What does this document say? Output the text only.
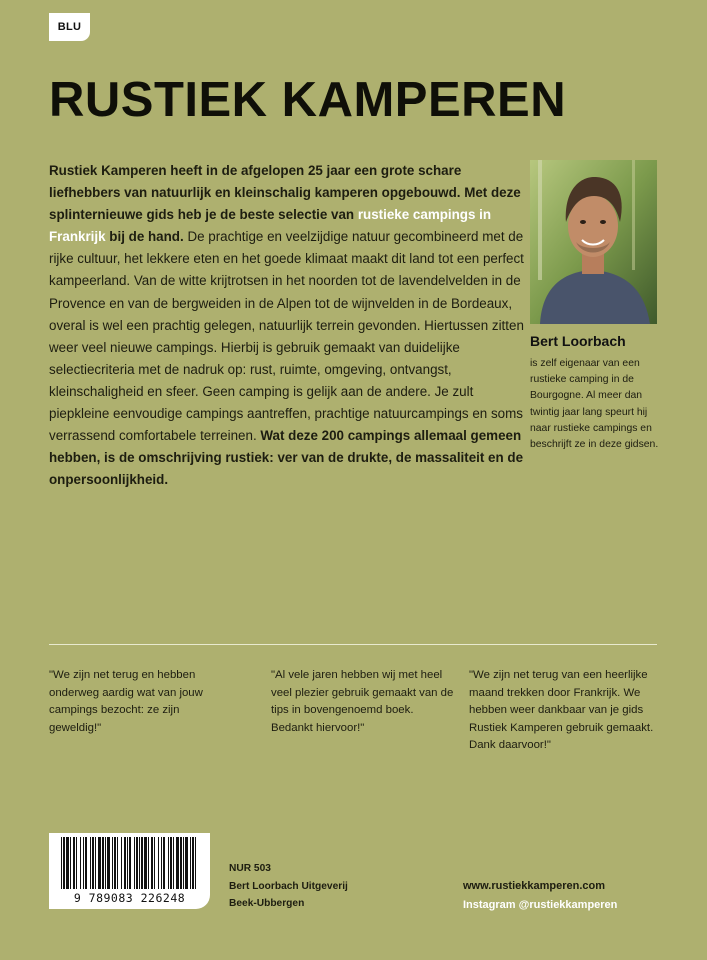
BLU
RUSTIEK KAMPEREN
Rustiek Kamperen heeft in de afgelopen 25 jaar een grote schare liefhebbers van natuurlijk en kleinschalig kamperen opgebouwd. Met deze splinternieuwe gids heb je de beste selectie van rustieke campings in Frankrijk bij de hand. De prachtige en veelzijdige natuur gecombineerd met de rijke cultuur, het lekkere eten en het goede klimaat maakt dit land tot een perfect kampeerland. Van de witte krijtrotsen in het noorden tot de lavendelvelden in de Provence en van de bergweiden in de Alpen tot de wijnvelden in de Bordeaux, overal is wel een prachtig gelegen, natuurlijk terrein gevonden. Hiertussen zitten weer veel nieuwe campings. Hierbij is gebruik gemaakt van duidelijke selectiecriteria met de nadruk op: rust, ruimte, omgeving, ontvangst, kleinschaligheid en sfeer. Geen camping is gelijk aan de andere. Je zult piepkleine eenvoudige campings aantreffen, prachtige natuurcampings en soms verrassend comfortabele terreinen. Wat deze 200 campings allemaal gemeen hebben, is de omschrijving rustiek: ver van de drukte, de massaliteit en de onpersoonlijkheid.
Bert Loorbach
is zelf eigenaar van een rustieke camping in de Bourgogne. Al meer dan twintig jaar lang speurt hij naar rustieke campings en beschrijft ze in deze gidsen.
"We zijn net terug en hebben onderweg aardig wat van jouw campings bezocht: ze zijn geweldig!"
"Al vele jaren hebben wij met heel veel plezier gebruik gemaakt van de tips in bovengenoemd boek. Bedankt hiervoor!"
"We zijn net terug van een heerlijke maand trekken door Frankrijk. We hebben weer dankbaar van je gids Rustiek Kamperen gebruik gemaakt. Dank daarvoor!"
9 789083 226248
NUR 503
Bert Loorbach Uitgeverij
Beek-Ubbergen
www.rustiekkamperen.com
Instagram @rustiekkamperen
